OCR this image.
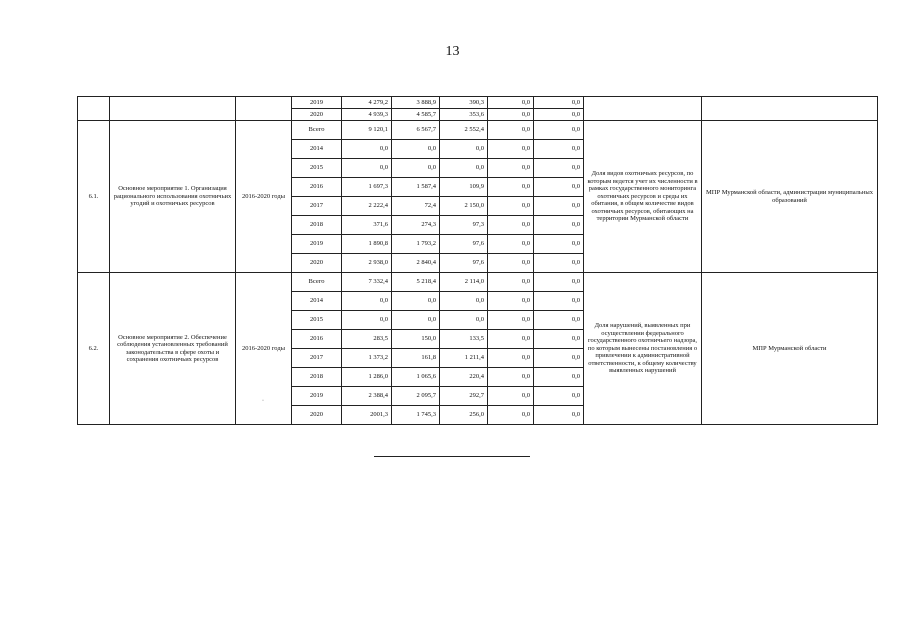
13
			2019	4 279,2	3 888,9	390,3	0,0	0,0		
			2020	4 939,3	4 585,7	353,6	0,0	0,0		
6.1.	Основное мероприятие 1. Организация рационального использования охотничьих угодий и охотничьих ресурсов	2016-2020 годы	Всего	9 120,1	6 567,7	2 552,4	0,0	0,0	Доля видов охотничьих ресурсов, по которым ведется учет их численности в рамках государственного мониторинга охотничьих ресурсов и среды их обитания, в общем количестве видов охотничьих ресурсов, обитающих на территории Мурманской области	МПР Мурманской области, администрации муниципальных образований
			2014	0,0	0,0	0,0	0,0	0,0		
			2015	0,0	0,0	0,0	0,0	0,0		
			2016	1 697,3	1 587,4	109,9	0,0	0,0		
			2017	2 222,4	72,4	2 150,0	0,0	0,0		
			2018	371,6	274,3	97,3	0,0	0,0		
			2019	1 890,8	1 793,2	97,6	0,0	0,0		
			2020	2 938,0	2 840,4	97,6	0,0	0,0		
6.2.	Основное мероприятие 2. Обеспечение соблюдения установленных требований законодательства в сфере охоты и сохранения охотничьих ресурсов	2016-2020 годы	Всего	7 332,4	5 218,4	2 114,0	0,0	0,0	Доля нарушений, выявленных при осуществлении федерального государственного охотничьего надзора, по которым вынесены постановления о привлечении к административной ответственности, к общему количеству выявленных нарушений	МПР Мурманской области
			2014	0,0	0,0	0,0	0,0	0,0		
			2015	0,0	0,0	0,0	0,0	0,0		
			2016	283,5	150,0	133,5	0,0	0,0		
			2017	1 373,2	161,8	1 211,4	0,0	0,0		
			2018	1 286,0	1 065,6	220,4	0,0	0,0		
			2019	2 388,4	2 095,7	292,7	0,0	0,0		
			2020	2001,3	1 745,3	256,0	0,0	0,0		
·
